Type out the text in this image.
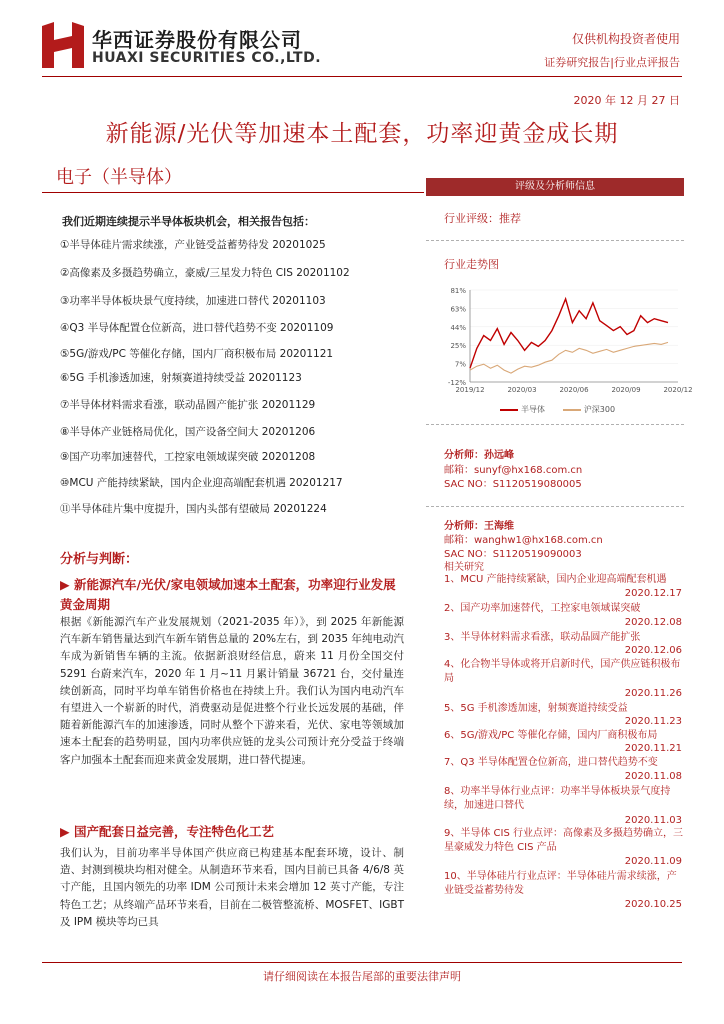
华西证券股份有限公司
HUAXI SECURITIES CO.,LTD.
仅供机构投资者使用
证券研究报告|行业点评报告
2020 年 12 月 27 日
新能源/光伏等加速本土配套，功率迎黄金成长期
电子（半导体）
我们近期连续提示半导体板块机会，相关报告包括：
①半导体硅片需求续涨，产业链受益蓄势待发 20201025
②高像素及多摄趋势确立，豪威/三星发力特色 CIS 20201102
③功率半导体板块景气度持续，加速进口替代 20201103
④Q3 半导体配置仓位新高，进口替代趋势不变 20201109
⑤5G/游戏/PC 等催化存储，国内厂商积极布局 20201121
⑥5G 手机渗透加速，射频赛道持续受益 20201123
⑦半导体材料需求看涨，联动晶圆产能扩张 20201129
⑧半导体产业链格局优化，国产设备空间大 20201206
⑨国产功率加速替代，工控家电领域谋突破 20201208
⑩MCU 产能持续紧缺，国内企业迎高端配套机遇 20201217
⑪半导体硅片集中度提升，国内头部有望破局 20201224
分析与判断：
▶ 新能源汽车/光伏/家电领域加速本土配套，功率迎行业发展黄金周期
根据《新能源汽车产业发展规划（2021-2035 年）》，到 2025 年新能源汽车新车销售量达到汽车新车销售总量的 20%左右，到 2035 年纯电动汽车成为新销售车辆的主流。依据新浪财经信息，蔚来 11 月份全国交付 5291 台蔚来汽车，2020 年 1 月~11 月累计销量 36721 台，交付量连续创新高，同时平均单车销售价格也在持续上升。我们认为国内电动汽车有望进入一个崭新的时代，消费驱动是促进整个行业长远发展的基础，伴随着新能源汽车的加速渗透，同时从整个下游来看，光伏、家电等领域加速本土配套的趋势明显，国内功率供应链的龙头公司预计充分受益于终端客户加强本土配套而迎来黄金发展期，进口替代提速。
▶ 国产配套日益完善，专注特色化工艺
我们认为，目前功率半导体国产供应商已构建基本配套环境，设计、制造、封测到模块均相对健全。从制造环节来看，国内目前已具备 4/6/8 英寸产能，且国内领先的功率 IDM 公司预计未来会增加 12 英寸产能，专注特色工艺；从终端产品环节来看，目前在二极管整流桥、MOSFET、IGBT 及 IPM 模块等均已具
评级及分析师信息
行业评级：推荐
行业走势图
81%
63%
44%
25%
7%
-12%
2019/12	2020/03	2020/06	2020/09	2020/12
半导体	沪深300
分析师：孙远峰
邮箱：sunyf@hx168.com.cn
SAC NO：S1120519080005
分析师：王海维
邮箱：wanghw1@hx168.com.cn
SAC NO：S1120519090003
相关研究
1、MCU 产能持续紧缺，国内企业迎高端配套机遇
2020.12.17
2、国产功率加速替代，工控家电领域谋突破
2020.12.08
3、半导体材料需求看涨，联动晶圆产能扩张
2020.12.06
4、化合物半导体或将开启新时代，国产供应链积极布局
2020.11.26
5、5G 手机渗透加速，射频赛道持续受益
2020.11.23
6、5G/游戏/PC 等催化存储，国内厂商积极布局
2020.11.21
7、Q3 半导体配置仓位新高，进口替代趋势不变
2020.11.08
8、功率半导体行业点评：功率半导体板块景气度持续，加速进口替代
2020.11.03
9、半导体 CIS 行业点评：高像素及多摄趋势确立，三星豪威发力特色 CIS 产品
2020.11.09
10、半导体硅片行业点评：半导体硅片需求续涨，产业链受益蓄势待发
2020.10.25
请仔细阅读在本报告尾部的重要法律声明
